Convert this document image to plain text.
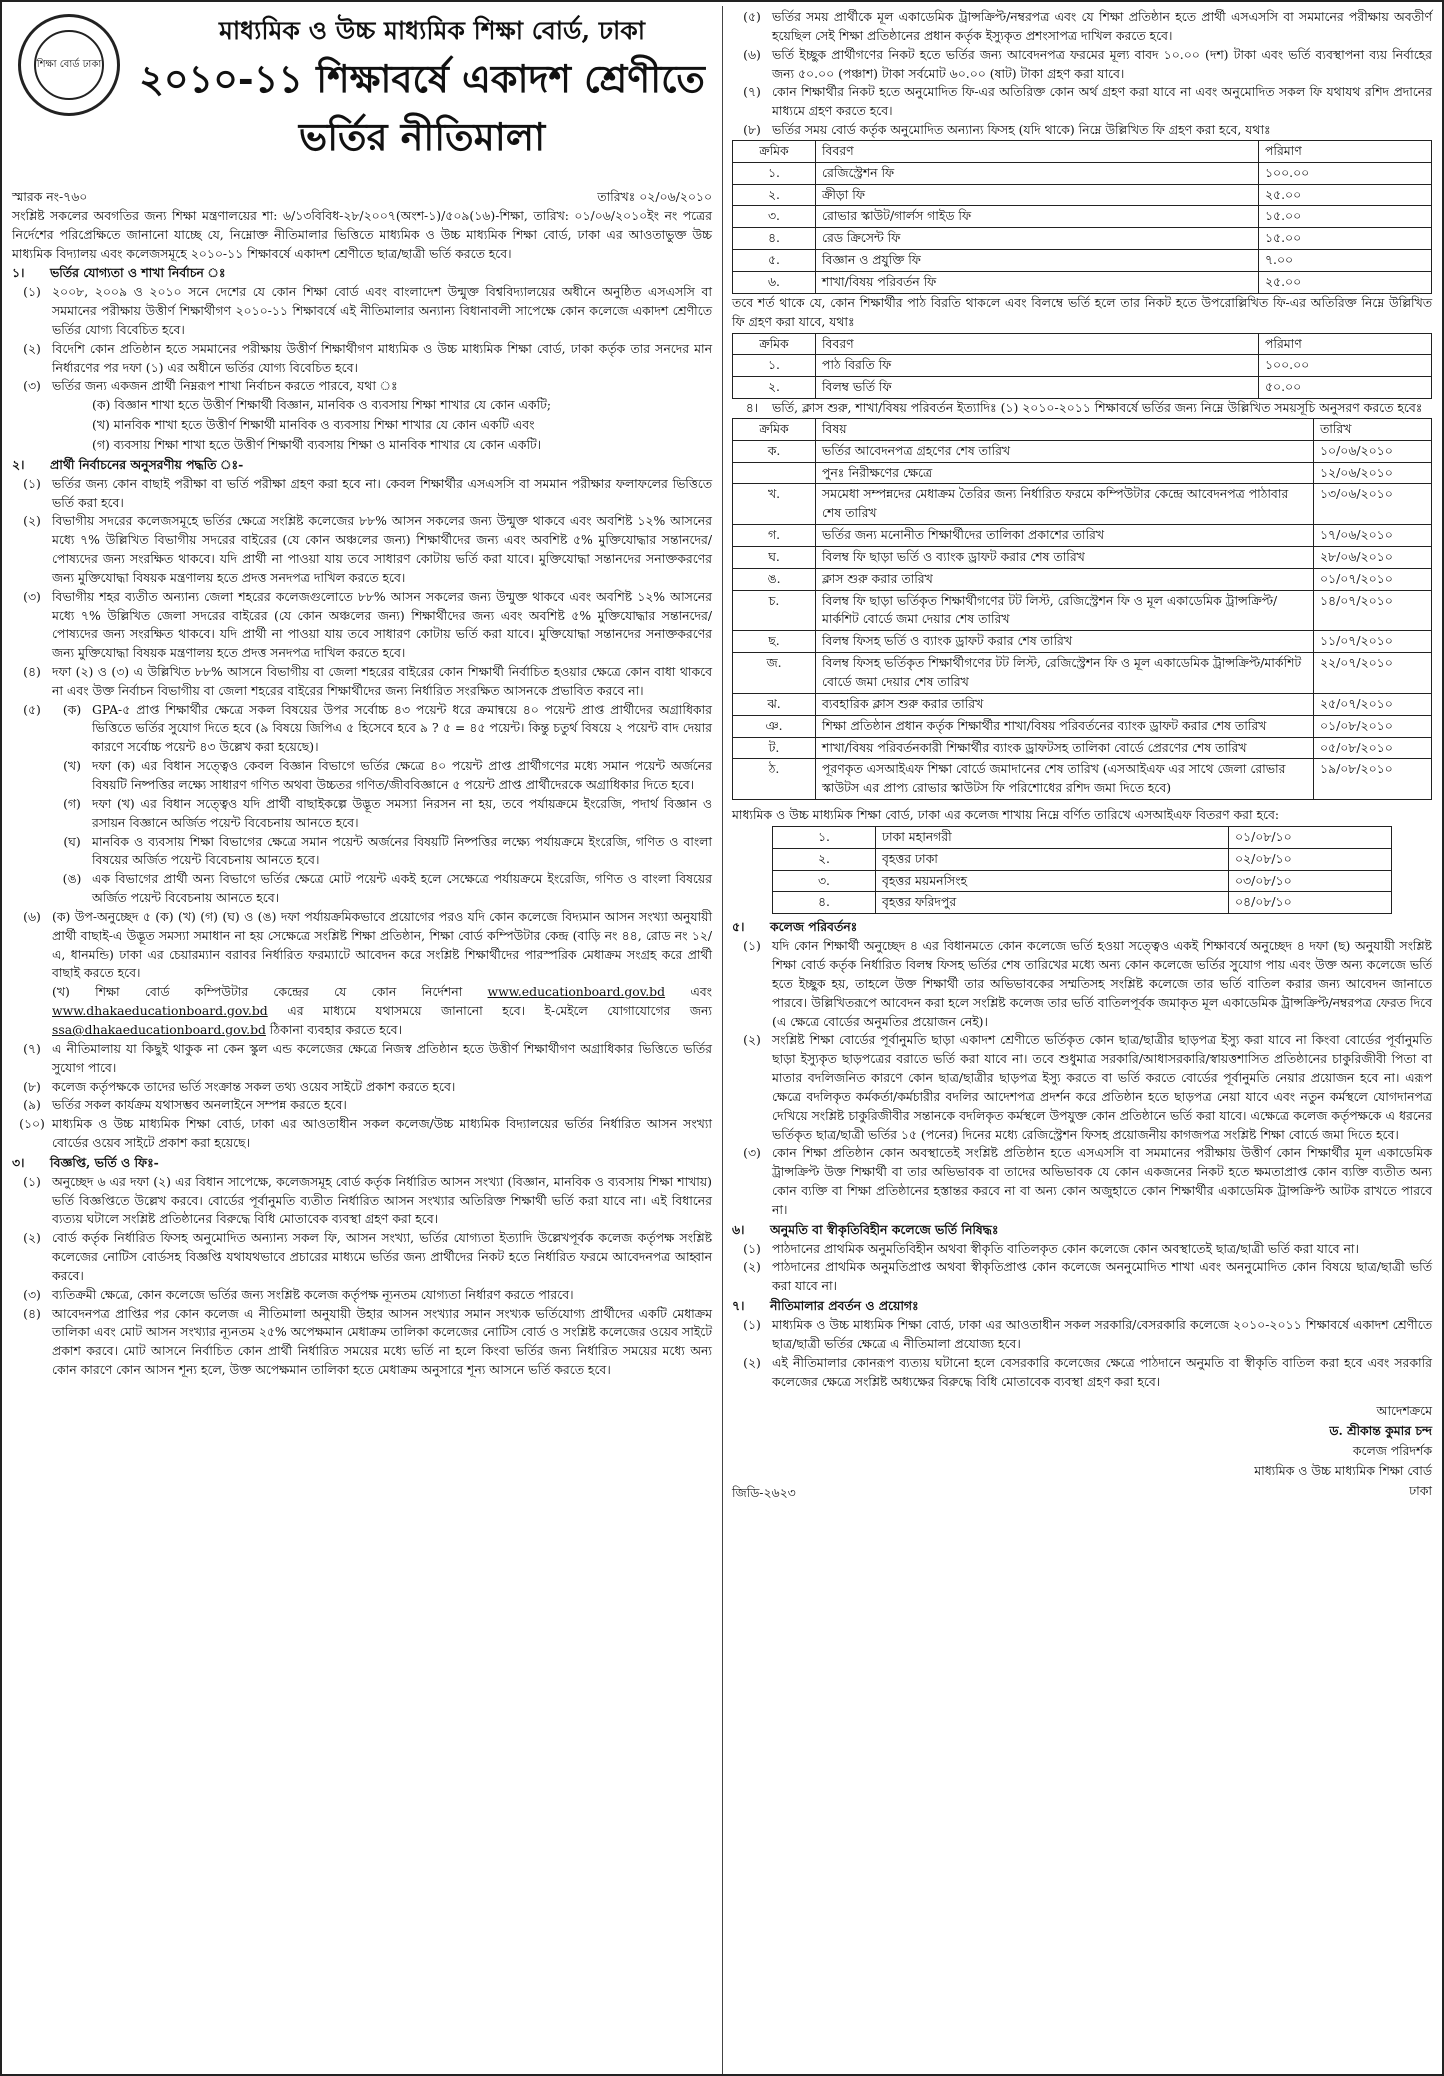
শিক্ষা বোর্ড ঢাকা
মাধ্যমিক ও উচ্চ মাধ্যমিক শিক্ষা বোর্ড, ঢাকা
২০১০-১১ শিক্ষাবর্ষে একাদশ শ্রেণীতে
ভর্তির নীতিমালা
স্মারক নং-৭৬০	তারিখঃ ০২/০৬/২০১০

সংশ্লিষ্ট সকলের অবগতির জন্য শিক্ষা মন্ত্রণালয়ের শা: ৬/১৩বিবিধ-২৮/২০০৭(অংশ-১)/৫০৯(১৬)-শিক্ষা, তারিখ: ০১/০৬/২০১০ইং নং পত্রের নির্দেশের পরিপ্রেক্ষিতে জানানো যাচ্ছে যে, নিম্নোক্ত নীতিমালার ভিত্তিতে মাধ্যমিক ও উচ্চ মাধ্যমিক শিক্ষা বোর্ড, ঢাকা এর আওতাভুক্ত উচ্চ মাধ্যমিক বিদ্যালয় এবং কলেজসমূহে ২০১০-১১ শিক্ষাবর্ষে একাদশ শ্রেণীতে ছাত্র/ছাত্রী ভর্তি করতে হবে।

১।	ভর্তির যোগ্যতা ও শাখা নির্বাচন ঃ
(১) ২০০৮, ২০০৯ ও ২০১০ সনে দেশের যে কোন শিক্ষা বোর্ড এবং বাংলাদেশ উন্মুক্ত বিশ্ববিদ্যালয়ের অধীনে অনুষ্ঠিত এসএসসি বা সমমানের পরীক্ষায় উত্তীর্ণ শিক্ষার্থীগণ ২০১০-১১ শিক্ষাবর্ষে এই নীতিমালার অন্যান্য বিধানাবলী সাপেক্ষে কোন কলেজে একাদশ শ্রেণীতে ভর্তির যোগ্য বিবেচিত হবে।
(২) বিদেশি কোন প্রতিষ্ঠান হতে সমমানের পরীক্ষায় উত্তীর্ণ শিক্ষার্থীগণ মাধ্যমিক ও উচ্চ মাধ্যমিক শিক্ষা বোর্ড, ঢাকা কর্তৃক তার সনদের মান নির্ধারণের পর দফা (১) এর অধীনে ভর্তির যোগ্য বিবেচিত হবে।
(৩) ভর্তির জন্য একজন প্রার্থী নিম্নরূপ শাখা নির্বাচন করতে পারবে, যথা ঃ
(ক) বিজ্ঞান শাখা হতে উত্তীর্ণ শিক্ষার্থী বিজ্ঞান, মানবিক ও ব্যবসায় শিক্ষা শাখার যে কোন একটি;
(খ) মানবিক শাখা হতে উত্তীর্ণ শিক্ষার্থী মানবিক ও ব্যবসায় শিক্ষা শাখার যে কোন একটি এবং
(গ) ব্যবসায় শিক্ষা শাখা হতে উত্তীর্ণ শিক্ষার্থী ব্যবসায় শিক্ষা ও মানবিক শাখার যে কোন একটি।
২।	প্রার্থী নির্বাচনের অনুসরণীয় পদ্ধতি ঃ-
(১) ভর্তির জন্য কোন বাছাই পরীক্ষা বা ভর্তি পরীক্ষা গ্রহণ করা হবে না। কেবল শিক্ষার্থীর এসএসসি বা সমমান পরীক্ষার ফলাফলের ভিত্তিতে ভর্তি করা হবে।
(২) বিভাগীয় সদরের কলেজসমূহে ভর্তির ক্ষেত্রে সংশ্লিষ্ট কলেজের ৮৮% আসন সকলের জন্য উন্মুক্ত থাকবে এবং অবশিষ্ট ১২% আসনের মধ্যে ৭% উল্লিখিত বিভাগীয় সদরের বাইরের (যে কোন অঞ্চলের জন্য) শিক্ষার্থীদের জন্য এবং অবশিষ্ট ৫% মুক্তিযোদ্ধার সন্তানদের/পোষ্যদের জন্য সংরক্ষিত থাকবে। যদি প্রার্থী না পাওয়া যায় তবে সাধারণ কোটায় ভর্তি করা যাবে। মুক্তিযোদ্ধা সন্তানদের সনাক্তকরণের জন্য মুক্তিযোদ্ধা বিষয়ক মন্ত্রণালয় হতে প্রদত্ত সনদপত্র দাখিল করতে হবে।
(৩) বিভাগীয় শহর ব্যতীত অন্যান্য জেলা শহরের কলেজগুলোতে ৮৮% আসন সকলের জন্য উন্মুক্ত থাকবে এবং অবশিষ্ট ১২% আসনের মধ্যে ৭% উল্লিখিত জেলা সদরের বাইরের (যে কোন অঞ্চলের জন্য) শিক্ষার্থীদের জন্য এবং অবশিষ্ট ৫% মুক্তিযোদ্ধার সন্তানদের/পোষ্যদের জন্য সংরক্ষিত থাকবে। যদি প্রার্থী না পাওয়া যায় তবে সাধারণ কোটায় ভর্তি করা যাবে। মুক্তিযোদ্ধা সন্তানদের সনাক্তকরণের জন্য মুক্তিযোদ্ধা বিষয়ক মন্ত্রণালয় হতে প্রদত্ত সনদপত্র দাখিল করতে হবে।
(৪) দফা (২) ও (৩) এ উল্লিখিত ৮৮% আসনে বিভাগীয় বা জেলা শহরের বাইরের কোন শিক্ষার্থী নির্বাচিত হওয়ার ক্ষেত্রে কোন বাধা থাকবে না এবং উক্ত নির্বাচন বিভাগীয় বা জেলা শহরের বাইরের শিক্ষার্থীদের জন্য নির্ধারিত সংরক্ষিত আসনকে প্রভাবিত করবে না।
(৫)	(ক) GPA-৫ প্রাপ্ত শিক্ষার্থীর ক্ষেত্রে সকল বিষয়ের উপর সর্বোচ্চ ৪৩ পয়েন্ট ধরে ক্রমান্বয়ে ৪০ পয়েন্ট প্রাপ্ত প্রার্থীদের অগ্রাধিকার ভিত্তিতে ভর্তির সুযোগ দিতে হবে (৯ বিষয়ে জিপিএ ৫ হিসেবে হবে ৯ ? ৫ = ৪৫ পয়েন্ট। কিন্তু চতুর্থ বিষয়ে ২ পয়েন্ট বাদ দেয়ার কারণে সর্বোচ্চ পয়েন্ট ৪৩ উল্লেখ করা হয়েছে)।
(খ) দফা (ক) এর বিধান সত্ত্বেও কেবল বিজ্ঞান বিভাগে ভর্তির ক্ষেত্রে ৪০ পয়েন্ট প্রাপ্ত প্রার্থীগণের মধ্যে সমান পয়েন্ট অর্জনের বিষয়টি নিষ্পত্তির লক্ষ্যে সাধারণ গণিত অথবা উচ্চতর গণিত/জীববিজ্ঞানে ৫ পয়েন্ট প্রাপ্ত প্রার্থীদেরকে অগ্রাধিকার দিতে হবে।
(গ) দফা (খ) এর বিধান সত্ত্বেও যদি প্রার্থী বাছাইকল্পে উদ্ভূত সমস্যা নিরসন না হয়, তবে পর্যায়ক্রমে ইংরেজি, পদার্থ বিজ্ঞান ও রসায়ন বিজ্ঞানে অর্জিত পয়েন্ট বিবেচনায় আনতে হবে।
(ঘ) মানবিক ও ব্যবসায় শিক্ষা বিভাগের ক্ষেত্রে সমান পয়েন্ট অর্জনের বিষয়টি নিষ্পত্তির লক্ষ্যে পর্যায়ক্রমে ইংরেজি, গণিত ও বাংলা বিষয়ের অর্জিত পয়েন্ট বিবেচনায় আনতে হবে।
(ঙ) এক বিভাগের প্রার্থী অন্য বিভাগে ভর্তির ক্ষেত্রে মোট পয়েন্ট একই হলে সেক্ষেত্রে পর্যায়ক্রমে ইংরেজি, গণিত ও বাংলা বিষয়ের অর্জিত পয়েন্ট বিবেচনায় আনতে হবে।
(৬) (ক) উপ-অনুচ্ছেদ ৫ (ক) (খ) (গ) (ঘ) ও (ঙ) দফা পর্যায়ক্রমিকভাবে প্রয়োগের পরও যদি কোন কলেজে বিদ্যমান আসন সংখ্যা অনুযায়ী প্রার্থী বাছাই-এ উদ্ভূত সমস্যা সমাধান না হয় সেক্ষেত্রে সংশ্লিষ্ট শিক্ষা প্রতিষ্ঠান, শিক্ষা বোর্ড কম্পিউটার কেন্দ্র (বাড়ি নং ৪৪, রোড নং ১২/এ, ধানমন্ডি) ঢাকা এর চেয়ারম্যান বরাবর নির্ধারিত ফরম্যাটে আবেদন করে সংশ্লিষ্ট শিক্ষার্থীদের পারস্পরিক মেধাক্রম সংগ্রহ করে প্রার্থী বাছাই করতে হবে।
(খ) শিক্ষা বোর্ড কম্পিউটার কেন্দ্রের যে কোন নির্দেশনা www.educationboard.gov.bd এবং www.dhakaeducationboard.gov.bd এর মাধ্যমে যথাসময়ে জানানো হবে। ই-মেইলে যোগাযোগের জন্য ssa@dhakaeducationboard.gov.bd ঠিকানা ব্যবহার করতে হবে।
(৭) এ নীতিমালায় যা কিছুই থাকুক না কেন স্কুল এন্ড কলেজের ক্ষেত্রে নিজস্ব প্রতিষ্ঠান হতে উত্তীর্ণ শিক্ষার্থীগণ অগ্রাধিকার ভিত্তিতে ভর্তির সুযোগ পাবে।
(৮) কলেজ কর্তৃপক্ষকে তাদের ভর্তি সংক্রান্ত সকল তথ্য ওয়েব সাইটে প্রকাশ করতে হবে।
(৯) ভর্তির সকল কার্যক্রম যথাসম্ভব অনলাইনে সম্পন্ন করতে হবে।
(১০) মাধ্যমিক ও উচ্চ মাধ্যমিক শিক্ষা বোর্ড, ঢাকা এর আওতাধীন সকল কলেজ/উচ্চ মাধ্যমিক বিদ্যালয়ের ভর্তির নির্ধারিত আসন সংখ্যা বোর্ডের ওয়েব সাইটে প্রকাশ করা হয়েছে।
৩।	বিজ্ঞপ্তি, ভর্তি ও ফিঃ-
(১) অনুচ্ছেদ ৬ এর দফা (২) এর বিধান সাপেক্ষে, কলেজসমূহ বোর্ড কর্তৃক নির্ধারিত আসন সংখ্যা (বিজ্ঞান, মানবিক ও ব্যবসায় শিক্ষা শাখায়) ভর্তি বিজ্ঞপ্তিতে উল্লেখ করবে। বোর্ডের পূর্বানুমতি ব্যতীত নির্ধারিত আসন সংখ্যার অতিরিক্ত শিক্ষার্থী ভর্তি করা যাবে না। এই বিধানের ব্যত্যয় ঘটালে সংশ্লিষ্ট প্রতিষ্ঠানের বিরুদ্ধে বিধি মোতাবেক ব্যবস্থা গ্রহণ করা হবে।
(২) বোর্ড কর্তৃক নির্ধারিত ফিসহ অনুমোদিত অন্যান্য সকল ফি, আসন সংখ্যা, ভর্তির যোগ্যতা ইত্যাদি উল্লেখপূর্বক কলেজ কর্তৃপক্ষ সংশ্লিষ্ট কলেজের নোটিস বোর্ডসহ বিজ্ঞপ্তি যথাযথভাবে প্রচারের মাধ্যমে ভর্তির জন্য প্রার্থীদের নিকট হতে নির্ধারিত ফরমে আবেদনপত্র আহ্বান করবে।
(৩) ব্যতিক্রমী ক্ষেত্রে, কোন কলেজে ভর্তির জন্য সংশ্লিষ্ট কলেজ কর্তৃপক্ষ ন্যূনতম যোগ্যতা নির্ধারণ করতে পারবে।
(৪) আবেদনপত্র প্রাপ্তির পর কোন কলেজ এ নীতিমালা অনুযায়ী উহার আসন সংখ্যার সমান সংখ্যক ভর্তিযোগ্য প্রার্থীদের একটি মেধাক্রম তালিকা এবং মোট আসন সংখ্যার ন্যূনতম ২৫% অপেক্ষমান মেধাক্রম তালিকা কলেজের নোটিস বোর্ড ও সংশ্লিষ্ট কলেজের ওয়েব সাইটে প্রকাশ করবে। মোট আসনে নির্বাচিত কোন প্রার্থী নির্ধারিত সময়ের মধ্যে ভর্তি না হলে কিংবা ভর্তির জন্য নির্ধারিত সময়ের মধ্যে অন্য কোন কারণে কোন আসন শূন্য হলে, উক্ত অপেক্ষমান তালিকা হতে মেধাক্রম অনুসারে শূন্য আসনে ভর্তি করতে হবে।
(৫) ভর্তির সময় প্রার্থীকে মূল একাডেমিক ট্রান্সক্রিপ্ট/নম্বরপত্র এবং যে শিক্ষা প্রতিষ্ঠান হতে প্রার্থী এসএসসি বা সমমানের পরীক্ষায় অবতীর্ণ হয়েছিল সেই শিক্ষা প্রতিষ্ঠানের প্রধান কর্তৃক ইস্যুকৃত প্রশংসাপত্র দাখিল করতে হবে।
(৬) ভর্তি ইচ্ছুক প্রার্থীগণের নিকট হতে ভর্তির জন্য আবেদনপত্র ফরমের মূল্য বাবদ ১০.০০ (দশ) টাকা এবং ভর্তি ব্যবস্থাপনা ব্যয় নির্বাহের জন্য ৫০.০০ (পঞ্চাশ) টাকা সর্বমোট ৬০.০০ (ষাট) টাকা গ্রহণ করা যাবে।
(৭) কোন শিক্ষার্থীর নিকট হতে অনুমোদিত ফি-এর অতিরিক্ত কোন অর্থ গ্রহণ করা যাবে না এবং অনুমোদিত সকল ফি যথাযথ রশিদ প্রদানের মাধ্যমে গ্রহণ করতে হবে।
(৮) ভর্তির সময় বোর্ড কর্তৃক অনুমোদিত অন্যান্য ফিসহ (যদি থাকে) নিম্নে উল্লিখিত ফি গ্রহণ করা হবে, যথাঃ
ক্রমিক	বিবরণ	পরিমাণ
১.	রেজিস্ট্রেশন ফি	১০০.০০
২.	ক্রীড়া ফি	২৫.০০
৩.	রোভার স্কাউট/গার্লস গাইড ফি	১৫.০০
৪.	রেড ক্রিসেন্ট ফি	১৫.০০
৫.	বিজ্ঞান ও প্রযুক্তি ফি	৭.০০
৬.	শাখা/বিষয় পরিবর্তন ফি	২৫.০০

তবে শর্ত থাকে যে, কোন শিক্ষার্থীর পাঠ বিরতি থাকলে এবং বিলম্বে ভর্তি হলে তার নিকট হতে উপরোল্লিখিত ফি-এর অতিরিক্ত নিম্নে উল্লিখিত ফি গ্রহণ করা যাবে, যথাঃ

ক্রমিক	বিবরণ	পরিমাণ
১.	পাঠ বিরতি ফি	১০০.০০
২.	বিলম্ব ভর্তি ফি	৫০.০০
৪।	ভর্তি, ক্লাস শুরু, শাখা/বিষয় পরিবর্তন ইত্যাদিঃ (১) ২০১০-২০১১ শিক্ষাবর্ষে ভর্তির জন্য নিম্নে উল্লিখিত সময়সূচি অনুসরণ করতে হবেঃ
ক্রমিক	বিষয়	তারিখ
ক.	ভর্তির আবেদনপত্র গ্রহণের শেষ তারিখ	১০/০৬/২০১০
	পুনঃ নিরীক্ষণের ক্ষেত্রে	১২/০৬/২০১০
খ.	সমমেধা সম্পন্নদের মেধাক্রম তৈরির জন্য নির্ধারিত ফরমে কম্পিউটার কেন্দ্রে আবেদনপত্র পাঠাবার শেষ তারিখ	১৩/০৬/২০১০
গ.	ভর্তির জন্য মনোনীত শিক্ষার্থীদের তালিকা প্রকাশের তারিখ	১৭/০৬/২০১০
ঘ.	বিলম্ব ফি ছাড়া ভর্তি ও ব্যাংক ড্রাফট করার শেষ তারিখ	২৮/০৬/২০১০
ঙ.	ক্লাস শুরু করার তারিখ	০১/০৭/২০১০
চ.	বিলম্ব ফি ছাড়া ভর্তিকৃত শিক্ষার্থীগণের টট লিস্ট, রেজিস্ট্রেশন ফি ও মূল একাডেমিক ট্রান্সক্রিপ্ট/মার্কশিট বোর্ডে জমা দেয়ার শেষ তারিখ	১৪/০৭/২০১০
ছ.	বিলম্ব ফিসহ ভর্তি ও ব্যাংক ড্রাফট করার শেষ তারিখ	১১/০৭/২০১০
জ.	বিলম্ব ফিসহ ভর্তিকৃত শিক্ষার্থীগণের টট লিস্ট, রেজিস্ট্রেশন ফি ও মূল একাডেমিক ট্রান্সক্রিপ্ট/মার্কশিট বোর্ডে জমা দেয়ার শেষ তারিখ	২২/০৭/২০১০
ঝ.	ব্যবহারিক ক্লাস শুরু করার তারিখ	২৫/০৭/২০১০
ঞ.	শিক্ষা প্রতিষ্ঠান প্রধান কর্তৃক শিক্ষার্থীর শাখা/বিষয় পরিবর্তনের ব্যাংক ড্রাফট করার শেষ তারিখ	০১/০৮/২০১০
ট.	শাখা/বিষয় পরিবর্তনকারী শিক্ষার্থীর ব্যাংক ড্রাফটসহ তালিকা বোর্ডে প্রেরণের শেষ তারিখ	০৫/০৮/২০১০
ঠ.	পূরণকৃত এসআইএফ শিক্ষা বোর্ডে জমাদানের শেষ তারিখ (এসআইএফ এর সাথে জেলা রোভার স্কাউটস এর প্রাপ্য রোভার স্কাউটস ফি পরিশোধের রশিদ জমা দিতে হবে)	১৯/০৮/২০১০

মাধ্যমিক ও উচ্চ মাধ্যমিক শিক্ষা বোর্ড, ঢাকা এর কলেজ শাখায় নিম্নে বর্ণিত তারিখে এসআইএফ বিতরণ করা হবে:

১.	ঢাকা মহানগরী	০১/০৮/১০
২.	বৃহত্তর ঢাকা	০২/০৮/১০
৩.	বৃহত্তর ময়মনসিংহ	০৩/০৮/১০
৪.	বৃহত্তর ফরিদপুর	০৪/০৮/১০
৫।	কলেজ পরিবর্তনঃ
(১) যদি কোন শিক্ষার্থী অনুচ্ছেদ ৪ এর বিধানমতে কোন কলেজে ভর্তি হওয়া সত্ত্বেও একই শিক্ষাবর্ষে অনুচ্ছেদ ৪ দফা (ছ) অনুযায়ী সংশ্লিষ্ট শিক্ষা বোর্ড কর্তৃক নির্ধারিত বিলম্ব ফিসহ ভর্তির শেষ তারিখের মধ্যে অন্য কোন কলেজে ভর্তির সুযোগ পায় এবং উক্ত অন্য কলেজে ভর্তি হতে ইচ্ছুক হয়, তাহলে উক্ত শিক্ষার্থী তার অভিভাবকের সম্মতিসহ সংশ্লিষ্ট কলেজে তার ভর্তি বাতিল করার জন্য আবেদন জানাতে পারবে। উল্লিখিতরূপে আবেদন করা হলে সংশ্লিষ্ট কলেজ তার ভর্তি বাতিলপূর্বক জমাকৃত মূল একাডেমিক ট্রান্সক্রিপ্ট/নম্বরপত্র ফেরত দিবে (এ ক্ষেত্রে বোর্ডের অনুমতির প্রয়োজন নেই)।
(২) সংশ্লিষ্ট শিক্ষা বোর্ডের পূর্বানুমতি ছাড়া একাদশ শ্রেণীতে ভর্তিকৃত কোন ছাত্র/ছাত্রীর ছাড়পত্র ইস্যু করা যাবে না কিংবা বোর্ডের পূর্বানুমতি ছাড়া ইস্যুকৃত ছাড়পত্রের বরাতে ভর্তি করা যাবে না। তবে শুধুমাত্র সরকারি/আধাসরকারি/স্বায়ত্তশাসিত প্রতিষ্ঠানের চাকুরিজীবী পিতা বা মাতার বদলিজনিত কারণে কোন ছাত্র/ছাত্রীর ছাড়পত্র ইস্যু করতে বা ভর্তি করতে বোর্ডের পূর্বানুমতি নেয়ার প্রয়োজন হবে না। এরূপ ক্ষেত্রে বদলিকৃত কর্মকর্তা/কর্মচারীর বদলির আদেশপত্র প্রদর্শন করে প্রতিষ্ঠান হতে ছাড়পত্র নেয়া যাবে এবং নতুন কর্মস্থলে যোগদানপত্র দেখিয়ে সংশ্লিষ্ট চাকুরিজীবীর সন্তানকে বদলিকৃত কর্মস্থলে উপযুক্ত কোন প্রতিষ্ঠানে ভর্তি করা যাবে। এক্ষেত্রে কলেজ কর্তৃপক্ষকে এ ধরনের ভর্তিকৃত ছাত্র/ছাত্রী ভর্তির ১৫ (পনের) দিনের মধ্যে রেজিস্ট্রেশন ফিসহ প্রয়োজনীয় কাগজপত্র সংশ্লিষ্ট শিক্ষা বোর্ডে জমা দিতে হবে।
(৩) কোন শিক্ষা প্রতিষ্ঠান কোন অবস্থাতেই সংশ্লিষ্ট প্রতিষ্ঠান হতে এসএসসি বা সমমানের পরীক্ষায় উত্তীর্ণ কোন শিক্ষার্থীর মূল একাডেমিক ট্রান্সক্রিপ্ট উক্ত শিক্ষার্থী বা তার অভিভাবক বা তাদের অভিভাবক যে কোন একজনের নিকট হতে ক্ষমতাপ্রাপ্ত কোন ব্যক্তি ব্যতীত অন্য কোন ব্যক্তি বা শিক্ষা প্রতিষ্ঠানের হস্তান্তর করবে না বা অন্য কোন অজুহাতে কোন শিক্ষার্থীর একাডেমিক ট্রান্সক্রিপ্ট আটক রাখতে পারবে না।
৬।	অনুমতি বা স্বীকৃতিবিহীন কলেজে ভর্তি নিষিদ্ধঃ
(১) পাঠদানের প্রাথমিক অনুমতিবিহীন অথবা স্বীকৃতি বাতিলকৃত কোন কলেজে কোন অবস্থাতেই ছাত্র/ছাত্রী ভর্তি করা যাবে না।
(২) পাঠদানের প্রাথমিক অনুমতিপ্রাপ্ত অথবা স্বীকৃতিপ্রাপ্ত কোন কলেজে অননুমোদিত শাখা এবং অননুমোদিত কোন বিষয়ে ছাত্র/ছাত্রী ভর্তি করা যাবে না।
৭।	নীতিমালার প্রবর্তন ও প্রয়োগঃ
(১) মাধ্যমিক ও উচ্চ মাধ্যমিক শিক্ষা বোর্ড, ঢাকা এর আওতাধীন সকল সরকারি/বেসরকারি কলেজে ২০১০-২০১১ শিক্ষাবর্ষে একাদশ শ্রেণীতে ছাত্র/ছাত্রী ভর্তির ক্ষেত্রে এ নীতিমালা প্রযোজ্য হবে।
(২) এই নীতিমালার কোনরূপ ব্যত্যয় ঘটানো হলে বেসরকারি কলেজের ক্ষেত্রে পাঠদানে অনুমতি বা স্বীকৃতি বাতিল করা হবে এবং সরকারি কলেজের ক্ষেত্রে সংশ্লিষ্ট অধ্যক্ষের বিরুদ্ধে বিধি মোতাবেক ব্যবস্থা গ্রহণ করা হবে।
আদেশক্রমে
ড. শ্রীকান্ত কুমার চন্দ
কলেজ পরিদর্শক
মাধ্যমিক ও উচ্চ মাধ্যমিক শিক্ষা বোর্ড
ঢাকা
জিডি-২৬২৩
